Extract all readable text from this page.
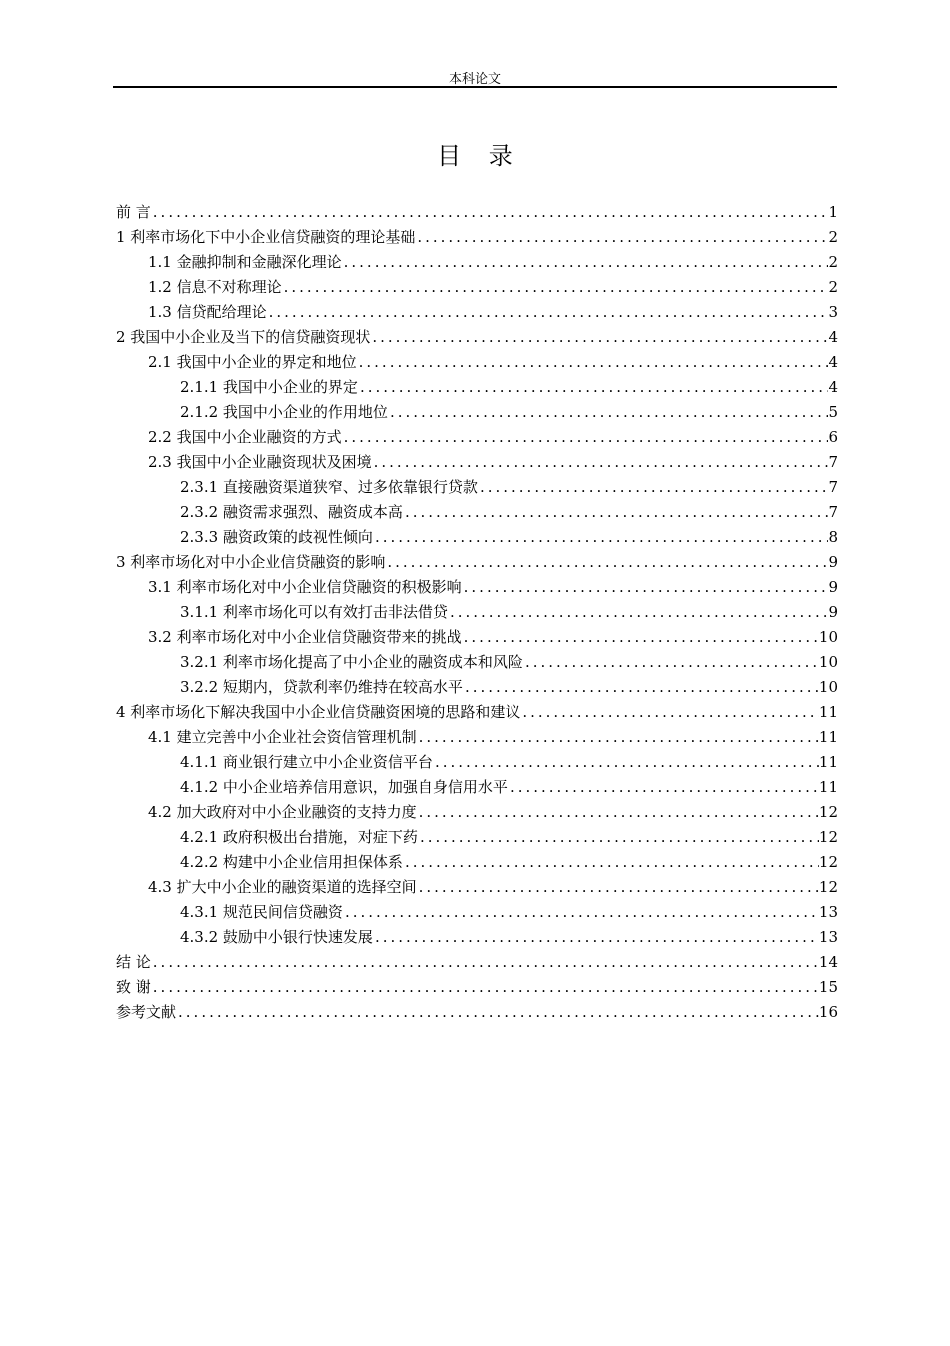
本科论文
目 录
前 言 .....	1
1 利率市场化下中小企业信贷融资的理论基础 .....	2
1.1 金融抑制和金融深化理论 .....	2
1.2 信息不对称理论 .....	2
1.3 信贷配给理论 .....	3
2 我国中小企业及当下的信贷融资现状 .....	4
2.1 我国中小企业的界定和地位 .....	4
2.1.1 我国中小企业的界定 .....	4
2.1.2 我国中小企业的作用地位 .....	5
2.2 我国中小企业融资的方式 .....	6
2.3 我国中小企业融资现状及困境 .....	7
2.3.1 直接融资渠道狭窄、过多依靠银行贷款 .....	7
2.3.2 融资需求强烈、融资成本高 .....	7
2.3.3 融资政策的歧视性倾向 .....	8
3 利率市场化对中小企业信贷融资的影响 .....	9
3.1 利率市场化对中小企业信贷融资的积极影响 .....	9
3.1.1 利率市场化可以有效打击非法借贷 .....	9
3.2 利率市场化对中小企业信贷融资带来的挑战 .....	10
3.2.1 利率市场化提高了中小企业的融资成本和风险 .....	10
3.2.2 短期内，贷款利率仍维持在较高水平 .....	10
4 利率市场化下解决我国中小企业信贷融资困境的思路和建议 .....	11
4.1 建立完善中小企业社会资信管理机制 .....	11
4.1.1 商业银行建立中小企业资信平台 .....	11
4.1.2 中小企业培养信用意识，加强自身信用水平 .....	11
4.2 加大政府对中小企业融资的支持力度 .....	12
4.2.1 政府积极出台措施，对症下药 .....	12
4.2.2 构建中小企业信用担保体系 .....	12
4.3 扩大中小企业的融资渠道的选择空间 .....	12
4.3.1 规范民间信贷融资 .....	13
4.3.2 鼓励中小银行快速发展 .....	13
结 论 .....	14
致 谢 .....	15
参考文献 .....	16
